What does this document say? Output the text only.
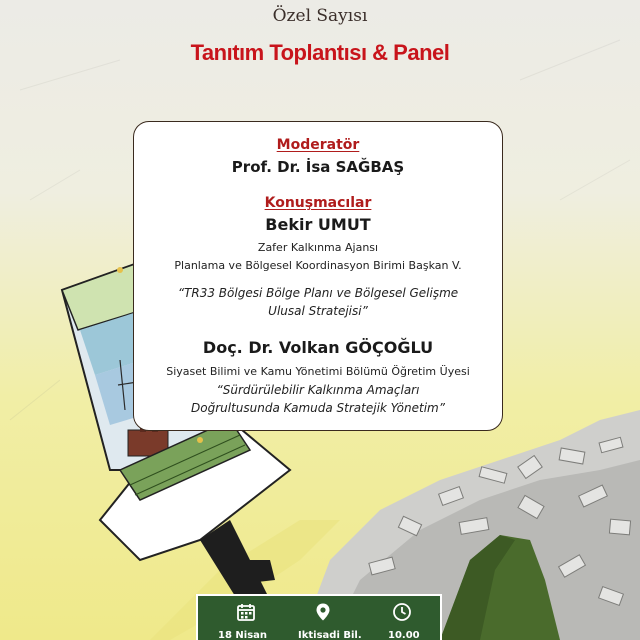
Özel Sayısı
Tanıtım Toplantısı & Panel
Moderatör
Prof. Dr. İsa SAĞBAŞ
Konuşmacılar
Bekir UMUT
Zafer Kalkınma Ajansı
Planlama ve Bölgesel Koordinasyon Birimi Başkan V.
“TR33 Bölgesi Bölge Planı ve Bölgesel Gelişme
Ulusal Stratejisi”
Doç. Dr. Volkan GÖÇOĞLU
Siyaset Bilimi ve Kamu Yönetimi Bölümü Öğretim Üyesi
“Sürdürülebilir Kalkınma Amaçları
Doğrultusunda Kamuda Stratejik Yönetim”
18 Nisan	İktisadi Bil.	10.00
